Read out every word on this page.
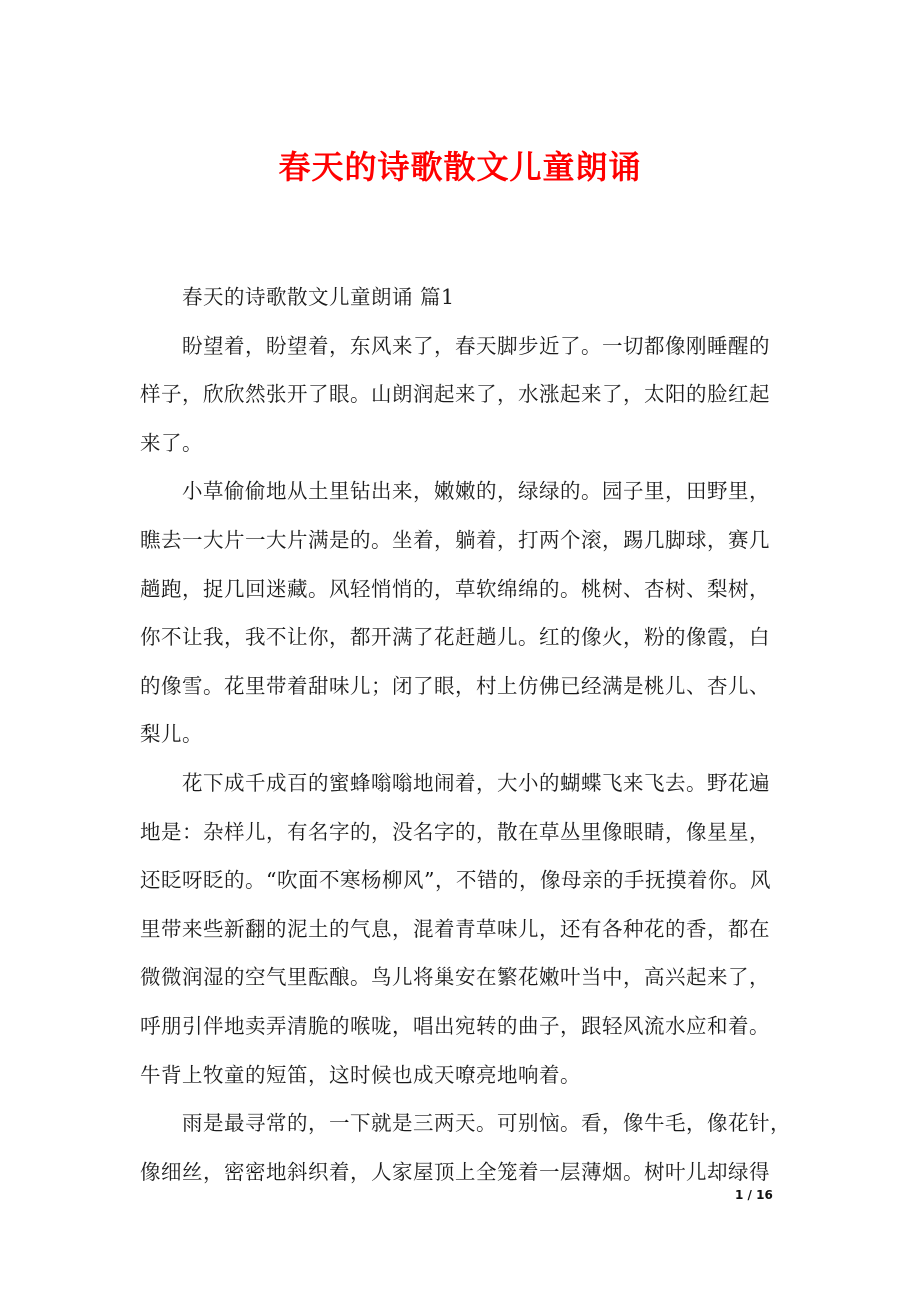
春天的诗歌散文儿童朗诵
春天的诗歌散文儿童朗诵 篇1
盼望着，盼望着，东风来了，春天脚步近了。一切都像刚睡醒的
样子，欣欣然张开了眼。山朗润起来了，水涨起来了，太阳的脸红起
来了。
小草偷偷地从土里钻出来，嫩嫩的，绿绿的。园子里，田野里，
瞧去一大片一大片满是的。坐着，躺着，打两个滚，踢几脚球，赛几
趟跑，捉几回迷藏。风轻悄悄的，草软绵绵的。桃树、杏树、梨树，
你不让我，我不让你，都开满了花赶趟儿。红的像火，粉的像霞，白
的像雪。花里带着甜味儿；闭了眼，村上仿佛已经满是桃儿、杏儿、
梨儿。
花下成千成百的蜜蜂嗡嗡地闹着，大小的蝴蝶飞来飞去。野花遍
地是：杂样儿，有名字的，没名字的，散在草丛里像眼睛，像星星，
还眨呀眨的。“吹面不寒杨柳风”，不错的，像母亲的手抚摸着你。风
里带来些新翻的泥土的气息，混着青草味儿，还有各种花的香，都在
微微润湿的空气里酝酿。鸟儿将巢安在繁花嫩叶当中，高兴起来了，
呼朋引伴地卖弄清脆的喉咙，唱出宛转的曲子，跟轻风流水应和着。
牛背上牧童的短笛，这时候也成天嘹亮地响着。
雨是最寻常的，一下就是三两天。可别恼。看，像牛毛，像花针，
像细丝，密密地斜织着，人家屋顶上全笼着一层薄烟。树叶儿却绿得
1 / 16
